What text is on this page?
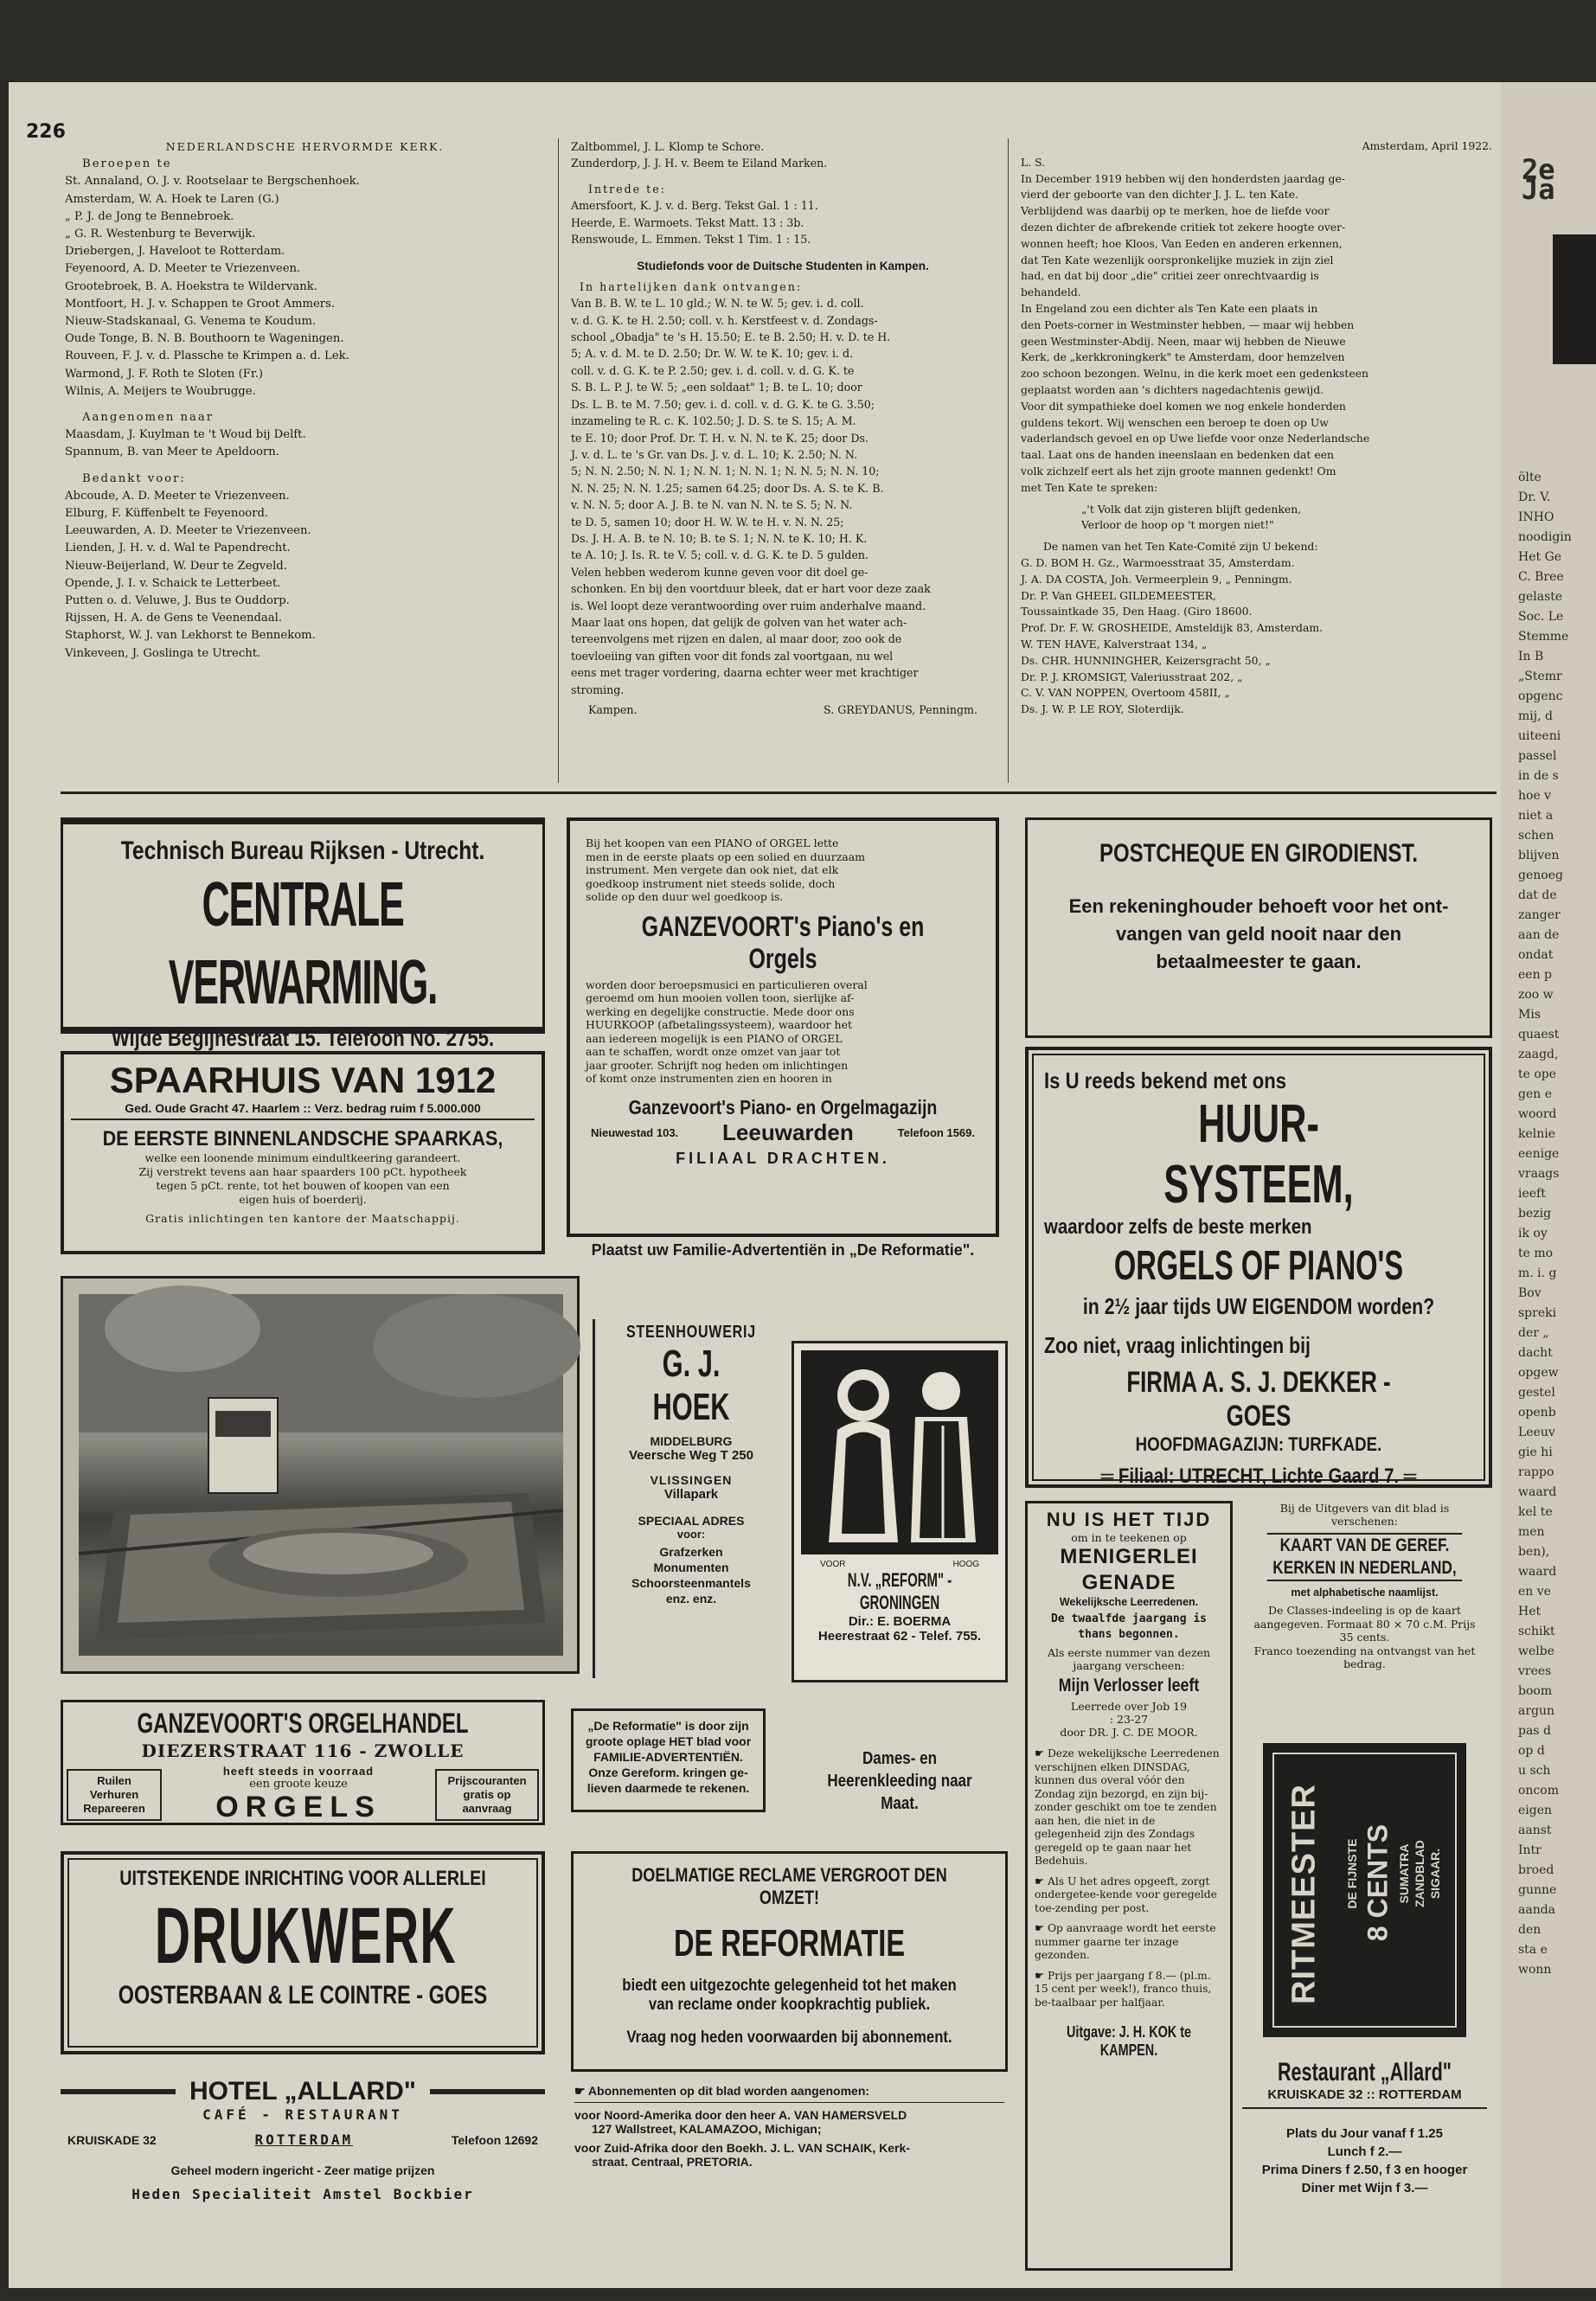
226
NEDERLANDSCHE HERVORMDE KERK.
Beroepen te
St. Annaland, O. J. v. Rootselaar te Bergschenhoek.
Amsterdam, W. A. Hoek te Laren (G.)
„ P. J. de Jong te Bennebroek.
„ G. R. Westenburg te Beverwijk.
Driebergen, J. Haveloot te Rotterdam.
Feyenoord, A. D. Meeter te Vriezenveen.
Grootebroek, B. A. Hoekstra te Wildervank.
Montfoort, H. J. v. Schappen te Groot Ammers.
Nieuw-Stadskanaal, G. Venema te Koudum.
Oude Tonge, B. N. B. Bouthoorn te Wageningen.
Rouveen, F. J. v. d. Plassche te Krimpen a. d. Lek.
Warmond, J. F. Roth te Sloten (Fr.)
Wilnis, A. Meijers te Woubrugge.
Aangenomen naar
Maasdam, J. Kuylman te 't Woud bij Delft.
Spannum, B. van Meer te Apeldoorn.
Bedankt voor:
Abcoude, A. D. Meeter te Vriezenveen.
Elburg, F. Küffenbelt te Feyenoord.
Leeuwarden, A. D. Meeter te Vriezenveen.
Lienden, J. H. v. d. Wal te Papendrecht.
Nieuw-Beijerland, W. Deur te Zegveld.
Opende, J. I. v. Schaick te Letterbeet.
Putten o. d. Veluwe, J. Bus te Ouddorp.
Rijssen, H. A. de Gens te Veenendaal.
Staphorst, W. J. van Lekhorst te Bennekom.
Vinkeveen, J. Goslinga te Utrecht.
Zaltbommel, J. L. Klomp te Schore.
Zunderdorp, J. J. H. v. Beem te Eiland Marken.
Intrede te:
Amersfoort, K. J. v. d. Berg. Tekst Gal. 1 : 11.
Heerde, E. Warmoets. Tekst Matt. 13 : 3b.
Renswoude, L. Emmen. Tekst 1 Tim. 1 : 15.
Studiefonds voor de Duitsche Studenten in Kampen.
In hartelijken dank ontvangen:
Van B. B. W. te L. 10 gld.; W. N. te W. 5; gev. i. d. coll.
v. d. G. K. te H. 2.50; coll. v. h. Kerstfeest v. d. Zondags-
school „Obadja" te 's H. 15.50; E. te B. 2.50; H. v. D. te H.
5; A. v. d. M. te D. 2.50; Dr. W. W. te K. 10; gev. i. d.
coll. v. d. G. K. te P. 2.50; gev. i. d. coll. v. d. G. K. te
S. B. L. P. J. te W. 5; „een soldaat" 1; B. te L. 10; door
Ds. L. B. te M. 7.50; gev. i. d. coll. v. d. G. K. te G. 3.50;
inzameling te R. c. K. 102.50; J. D. S. te S. 15; A. M.
te E. 10; door Prof. Dr. T. H. v. N. N. te K. 25; door Ds.
J. v. d. L. te 's Gr. van Ds. J. v. d. L. 10; K. 2.50; N. N.
5; N. N. 2.50; N. N. 1; N. N. 1; N. N. 1; N. N. 5; N. N. 10;
N. N. 25; N. N. 1.25; samen 64.25; door Ds. A. S. te K. B.
v. N. N. 5; door A. J. B. te N. van N. N. te S. 5; N. N.
te D. 5, samen 10; door H. W. W. te H. v. N. N. 25;
Ds. J. H. A. B. te N. 10; B. te S. 1; N. N. te K. 10; H. K.
te A. 10; J. Is. R. te V. 5; coll. v. d. G. K. te D. 5 gulden.
Velen hebben wederom kunne geven voor dit doel ge-
schonken. En bij den voortduur bleek, dat er hart voor deze zaak
is. Wel loopt deze verantwoording over ruim anderhalve maand.
Maar laat ons hopen, dat gelijk de golven van het water ach-
tereenvolgens met rijzen en dalen, al maar door, zoo ook de
toevloeiing van giften voor dit fonds zal voortgaan, nu wel
eens met trager vordering, daarna echter weer met krachtiger
stroming.
Kampen.	S. GREYDANUS, Penningm.
Amsterdam, April 1922.
L. S.
In December 1919 hebben wij den honderdsten jaardag ge-
vierd der geboorte van den dichter J. J. L. ten Kate.
Verblijdend was daarbij op te merken, hoe de liefde voor
dezen dichter de afbrekende critiek tot zekere hoogte over-
wonnen heeft; hoe Kloos, Van Eeden en anderen erkennen,
dat Ten Kate wezenlijk oorspronkelijke muziek in zijn ziel
had, en dat bij door „die" critiei zeer onrechtvaardig is
behandeld.
In Engeland zou een dichter als Ten Kate een plaats in
den Poets-corner in Westminster hebben, — maar wij hebben
geen Westminster-Abdij. Neen, maar wij hebben de Nieuwe
Kerk, de „kerkkroningkerk" te Amsterdam, door hemzelven
zoo schoon bezongen. Welnu, in die kerk moet een gedenksteen
geplaatst worden aan 's dichters nagedachtenis gewijd.
Voor dit sympathieke doel komen we nog enkele honderden
guldens tekort. Wij wenschen een beroep te doen op Uw
vaderlandsch gevoel en op Uwe liefde voor onze Nederlandsche
taal. Laat ons de handen ineenslaan en bedenken dat een
volk zichzelf eert als het zijn groote mannen gedenkt! Om
met Ten Kate te spreken:
„'t Volk dat zijn gisteren blijft gedenken,
Verloor de hoop op 't morgen niet!"
De namen van het Ten Kate-Comité zijn U bekend:
G. D. BOM H. Gz., Warmoesstraat 35, Amsterdam.
J. A. DA COSTA, Joh. Vermeerplein 9, „ Penningm.
Dr. P. Van GHEEL GILDEMEESTER,
Toussaintkade 35, Den Haag. (Giro 18600.
Prof. Dr. F. W. GROSHEIDE, Amsteldijk 83, Amsterdam.
W. TEN HAVE, Kalverstraat 134, „
Ds. CHR. HUNNINGHER, Keizersgracht 50, „
Dr. P. J. KROMSIGT, Valeriusstraat 202, „
C. V. VAN NOPPEN, Overtoom 458II, „
Ds. J. W. P. LE ROY, Sloterdijk.
Technisch Bureau Rijksen - Utrecht.
CENTRALE VERWARMING.
Wijde Begijnestraat 15. Telefoon No. 2755.
SPAARHUIS VAN 1912
Ged. Oude Gracht 47. Haarlem :: Verz. bedrag ruim f 5.000.000
DE EERSTE BINNENLANDSCHE SPAARKAS,
welke een loonende minimum eindultkeering garandeert.
Zij verstrekt tevens aan haar spaarders 100 pCt. hypotheek
tegen 5 pCt. rente, tot het bouwen of koopen van een
eigen huis of boerderij.
Gratis inlichtingen ten kantore der Maatschappij.
Bij het koopen van een PIANO of ORGEL lette
men in de eerste plaats op een solied en duurzaam
instrument. Men vergete dan ook niet, dat elk
goedkoop instrument niet steeds solide, doch
solide op den duur wel goedkoop is.
GANZEVOORT's Piano's en Orgels
worden door beroepsmusici en particulieren overal
geroemd om hun mooien vollen toon, sierlijke af-
werking en degelijke constructie. Mede door ons
HUURKOOP (afbetalingssysteem), waardoor het
aan iedereen mogelijk is een PIANO of ORGEL
aan te schaffen, wordt onze omzet van jaar tot
jaar grooter. Schrijft nog heden om inlichtingen
of komt onze instrumenten zien en hooren in
Ganzevoort's Piano- en Orgelmagazijn
Nieuwestad 103. Leeuwarden	Telefoon 1569.
FILIAAL DRACHTEN.
Plaatst uw Familie-Advertentiën in „De Reformatie".
POSTCHEQUE EN GIRODIENST.
Een rekeninghouder behoeft voor het ont-vangen van geld nooit naar den betaalmeester te gaan.
Is U reeds bekend met ons
HUUR-SYSTEEM,
waardoor zelfs de beste merken
ORGELS OF PIANO'S
in 2½ jaar tijds UW EIGENDOM worden?
Zoo niet, vraag inlichtingen bij
FIRMA A. S. J. DEKKER - GOES
HOOFDMAGAZIJN: TURFKADE.
═ Filiaal: UTRECHT, Lichte Gaard 7. ═
STEENHOUWERIJ
G. J. HOEK
MIDDELBURG
Veersche Weg T 250
VLISSINGEN
Villapark
SPECIAAL ADRES
voor:
Grafzerken Monumenten Schoorsteenmantels enz. enz.
VOOR	HOOG
N.V. „REFORM" - GRONINGEN
Dir.: E. BOERMA
Heerestraat 62 - Telef. 755.
Dames- en Heerenkleeding naar Maat.
NU IS HET TIJD
om in te teekenen op
MENIGERLEI GENADE
Wekelijksche Leerredenen.
De twaalfde jaargang is thans begonnen.
Als eerste nummer van dezen jaargang verscheen:
Mijn Verlosser leeft
Leerrede over Job 19 : 23-27
door DR. J. C. DE MOOR.
☛ Deze wekelijksche Leerredenen verschijnen elken DINSDAG, kunnen dus overal vóór den Zondag zijn bezorgd, en zijn bij-zonder geschikt om toe te zenden aan hen, die niet in de gelegenheid zijn des Zondags geregeld op te gaan naar het Bedehuis.
☛ Als U het adres opgeeft, zorgt ondergetee-kende voor geregelde toe-zending per post.
☛ Op aanvraage wordt het eerste nummer gaarne ter inzage gezonden.
☛ Prijs per jaargang f 8.— (pl.m. 15 cent per week!), franco thuis, be-taalbaar per halfjaar.
Uitgave: J. H. KOK te KAMPEN.
Bij de Uitgevers van dit blad is verschenen:
KAART VAN DE GEREF. KERKEN IN NEDERLAND,
met alphabetische naamlijst.
De Classes-indeeling is op de kaart aangegeven. Formaat 80 × 70 c.M. Prijs 35 cents.
Franco toezending na ontvangst van het bedrag.
RITMEESTER DE FIJNSTE 8 CENTS SUMATRA ZANDBLAD SIGAAR.	FABRIKANT: N.V. GEBR. SCHUPPEN VEENENDAAL
Restaurant „Allard"
KRUISKADE 32 :: ROTTERDAM
Plats du Jour vanaf f 1.25
Lunch f 2.—
Prima Diners f 2.50, f 3 en hooger
Diner met Wijn f 3.—
GANZEVOORT'S ORGELHANDEL
DIEZERSTRAAT 116 - ZWOLLE
Ruilen Verhuren Repareeren
heeft steeds in voorraad
een groote keuze
ORGELS
Prijscouranten gratis op aanvraag
„De Reformatie" is door zijn groote oplage HET blad voor FAMILIE-ADVERTENTIËN. Onze Gereform. kringen ge-lieven daarmede te rekenen.
UITSTEKENDE INRICHTING VOOR ALLERLEI
DRUKWERK
OOSTERBAAN & LE COINTRE - GOES
DOELMATIGE RECLAME VERGROOT DEN OMZET!
DE REFORMATIE
biedt een uitgezochte gelegenheid tot het maken
van reclame onder koopkrachtig publiek.
Vraag nog heden voorwaarden bij abonnement.
HOTEL „ALLARD"
CAFÉ - RESTAURANT
KRUISKADE 32	ROTTERDAM	Telefoon 12692
Geheel modern ingericht - Zeer matige prijzen
Heden Specialiteit Amstel Bockbier
☛ Abonnementen op dit blad worden aangenomen:
voor Noord-Amerika door den heer A. VAN HAMERSVELD
127 Wallstreet, KALAMAZOO, Michigan;
voor Zuid-Afrika door den Boekh. J. L. VAN SCHAIK, Kerk-
straat. Centraal, PRETORIA.
2e Ja
ölte
Dr. V.
INHO
noodigin
Het Ge
C. Bree
gelaste
Soc. Le
Stemme
In B
„Stemr
opgenc
mij, d
uiteeni
passel
in de s
hoe v
niet a
schen
blijven
genoeg
dat de
zanger
aan de
ondat
een p
zoo w
Mis
quaest
zaagd,
te ope
gen e
woord
kelnie
eenige
vraags
ieeft
bezig
ik oy
te mo
m. i. g
Bov
spreki
der „
dacht
opgew
gestel
openb
Leeuv
gie hi
rappo
waard
kel te
men
ben),
waard
en ve
Het
schikt
welbe
vrees
boom
argun
pas d
op d
u sch
oncom
eigen
aanst
Intr
broed
gunne
aanda
den
sta e
wonn
